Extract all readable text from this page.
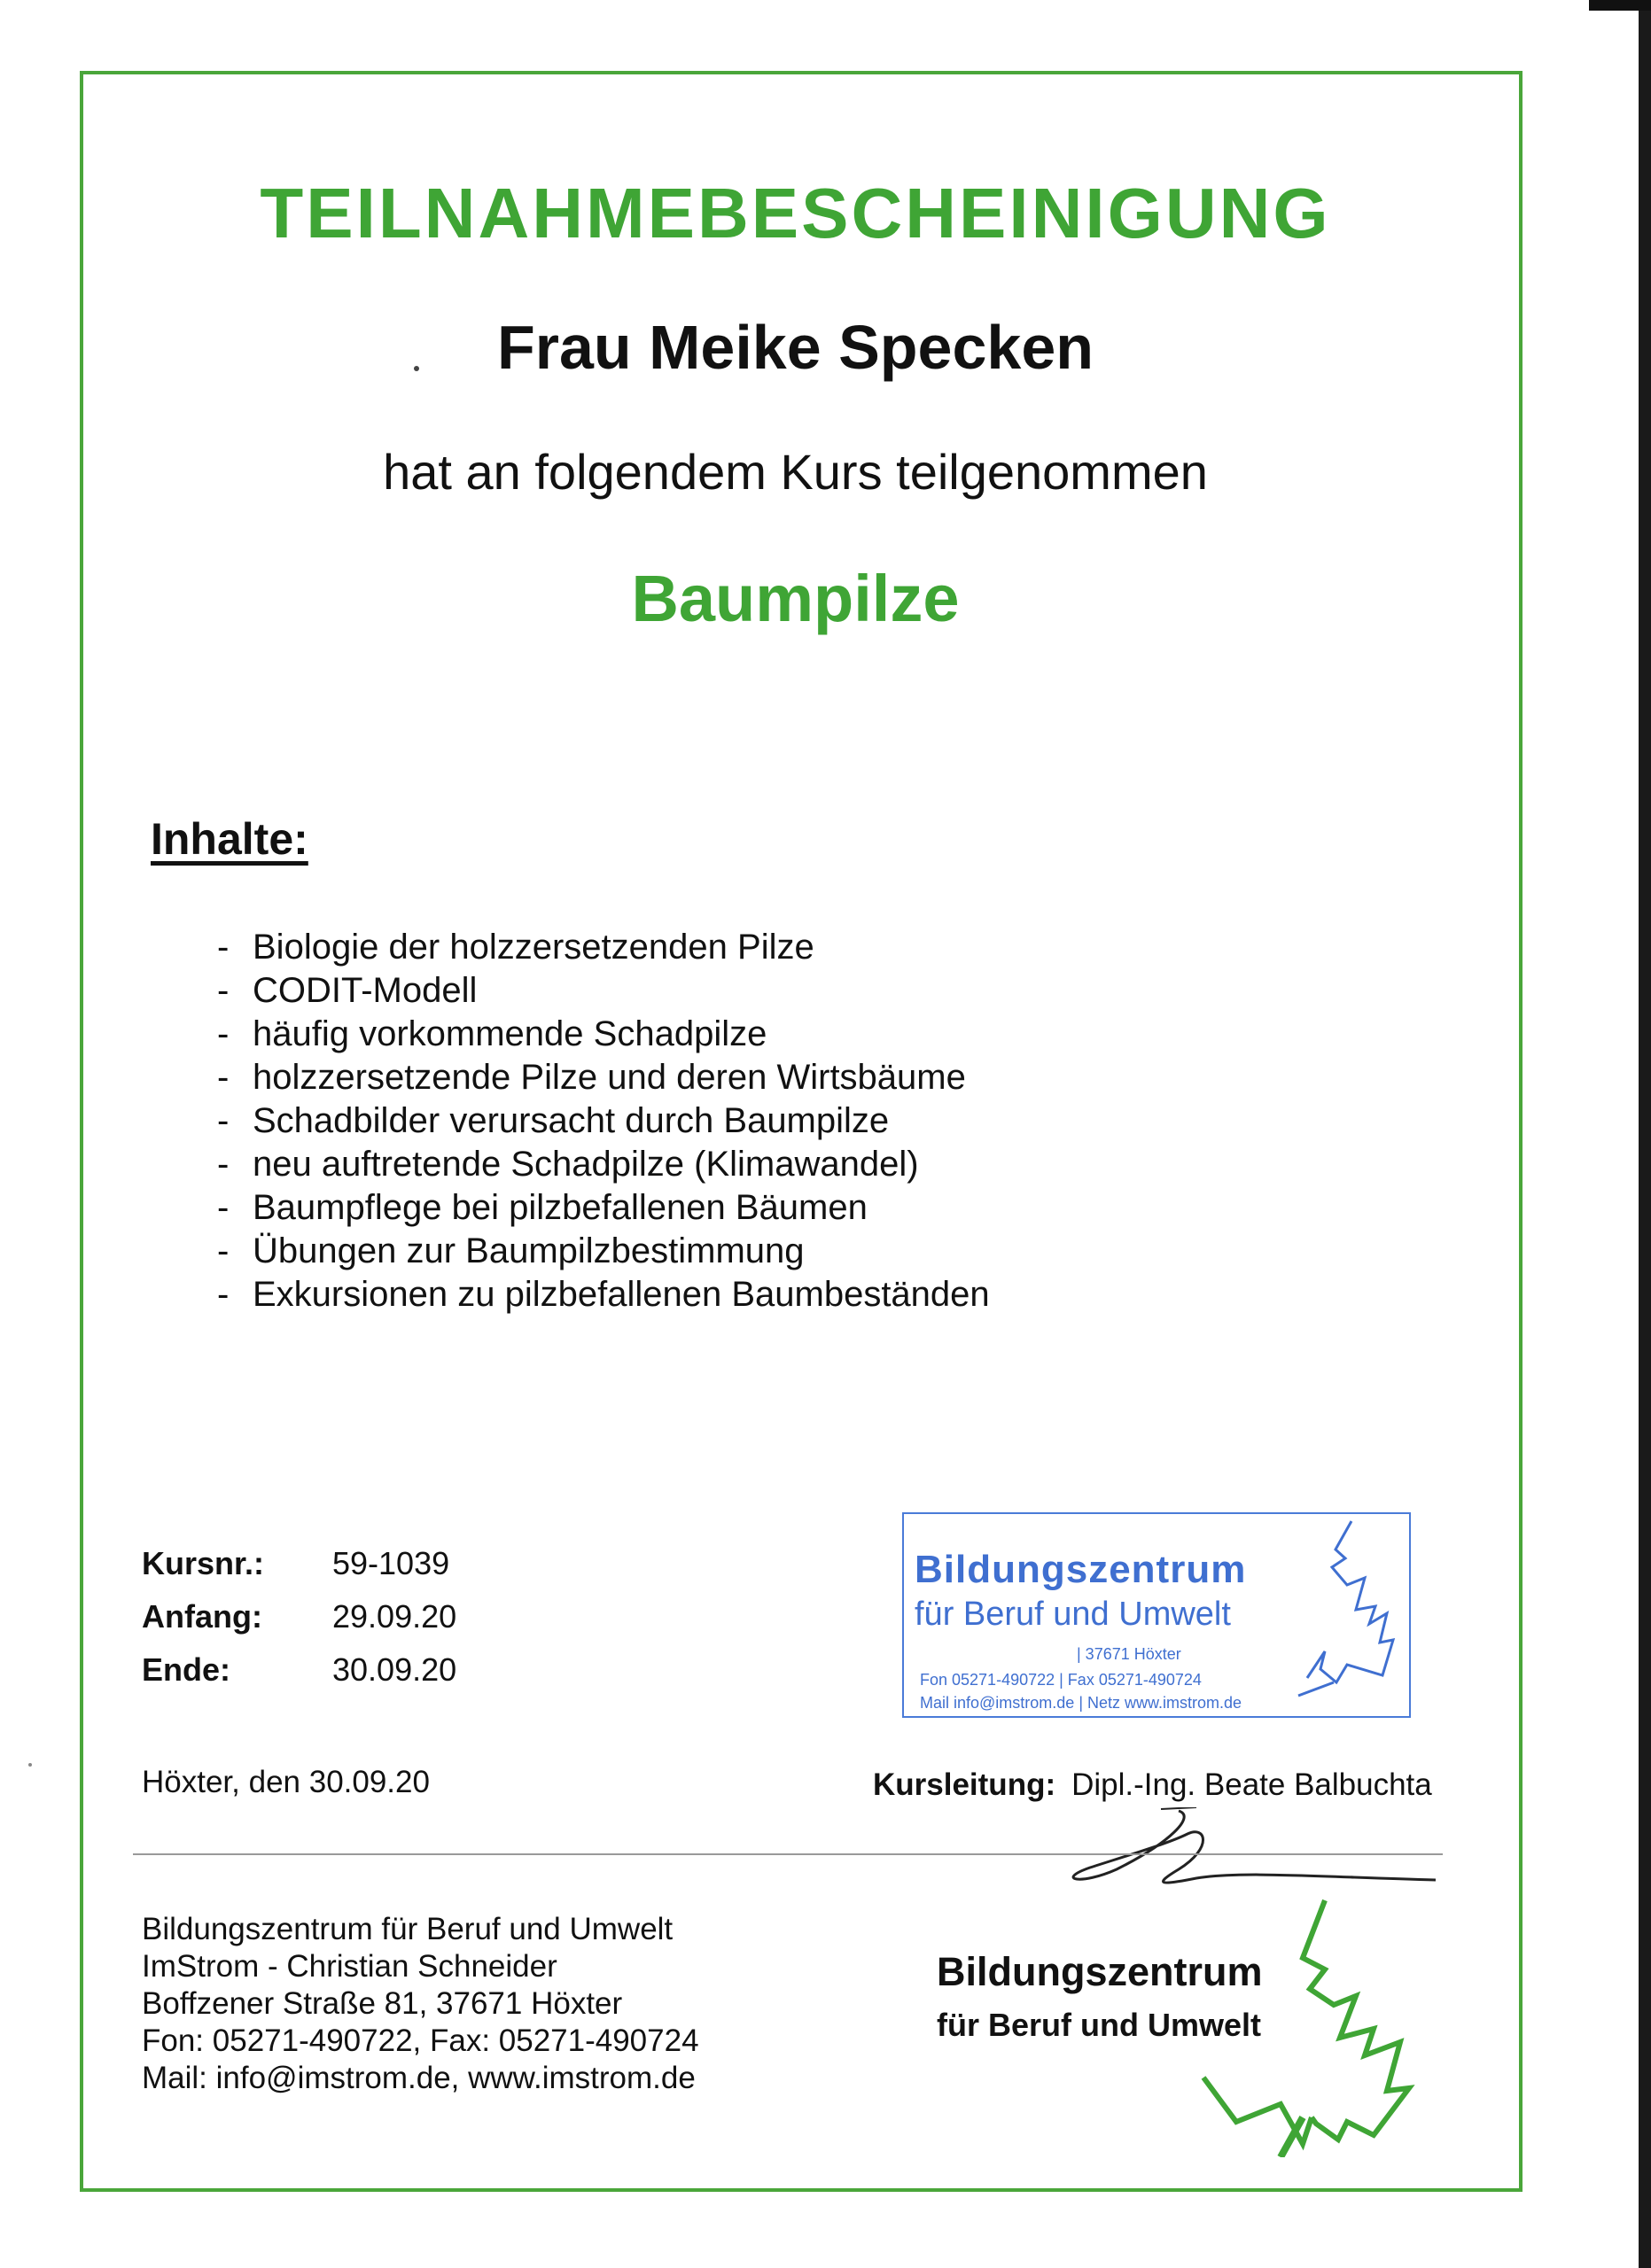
TEILNAHMEBESCHEINIGUNG
Frau Meike Specken
hat an folgendem Kurs teilgenommen
Baumpilze
Inhalte:
- Biologie der holzzersetzenden Pilze
- CODIT-Modell
- häufig vorkommende Schadpilze
- holzzersetzende Pilze und deren Wirtsbäume
- Schadbilder verursacht durch Baumpilze
- neu auftretende Schadpilze (Klimawandel)
- Baumpflege bei pilzbefallenen Bäumen
- Übungen zur Baumpilzbestimmung
- Exkursionen zu pilzbefallenen Baumbeständen
Kursnr.:	59-1039
Anfang:	29.09.20
Ende:	30.09.20
Bildungszentrum
für Beruf und Umwelt
| 37671 Höxter
Fon 05271-490722 | Fax 05271-490724
Mail info@imstrom.de | Netz www.imstrom.de
Höxter, den 30.09.20	Kursleitung: Dipl.-Ing. Beate Balbuchta
Bildungszentrum für Beruf und Umwelt
ImStrom - Christian Schneider
Boffzener Straße 81, 37671 Höxter
Fon: 05271-490722, Fax: 05271-490724
Mail: info@imstrom.de, www.imstrom.de
Bildungszentrum
für Beruf und Umwelt
